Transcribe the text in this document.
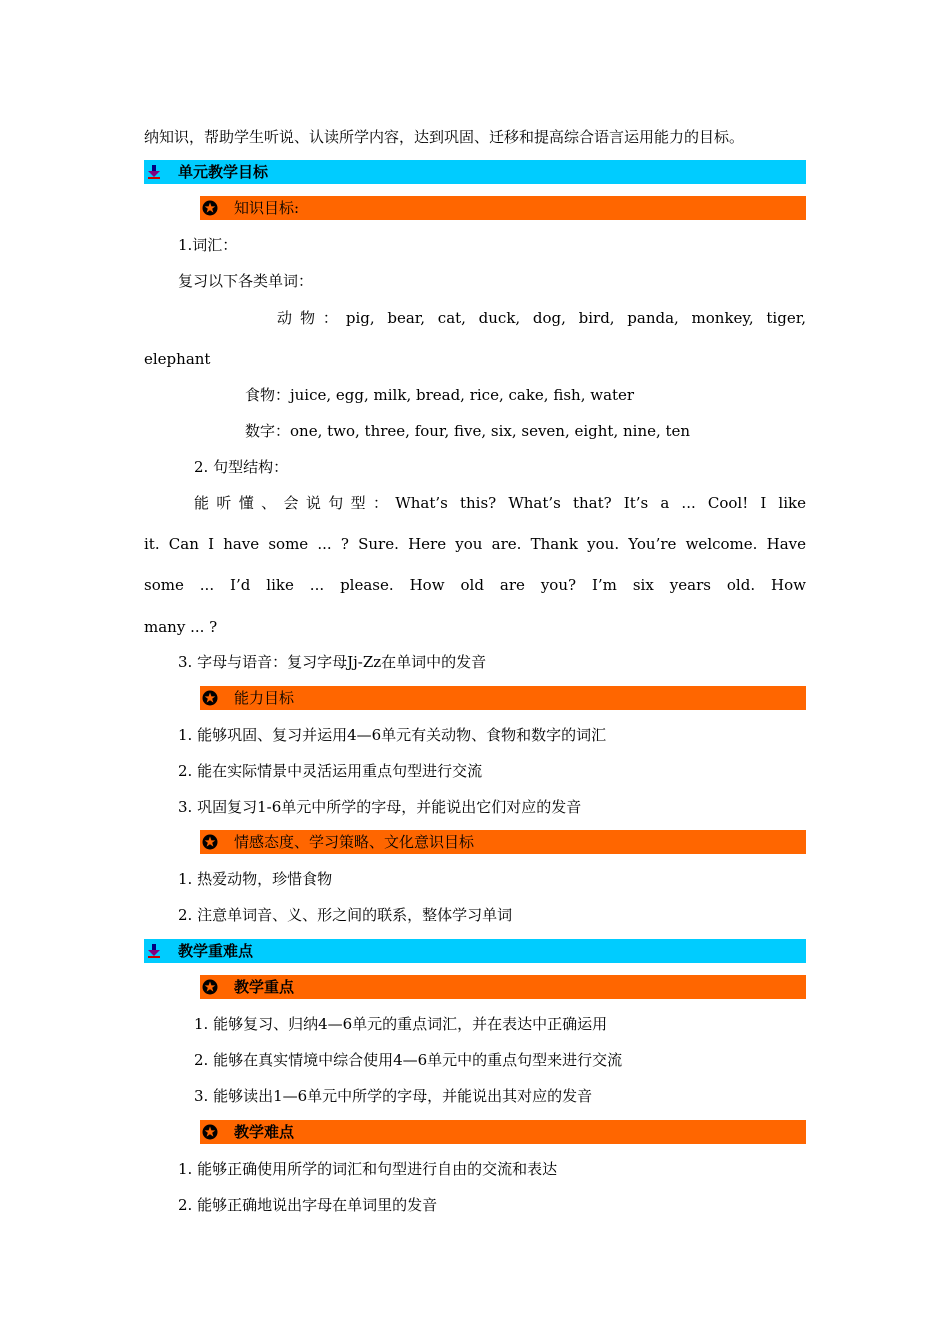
纳知识，帮助学生听说、认读所学内容，达到巩固、迁移和提高综合语言运用能力的目标。
单元教学目标
知识目标:
1.词汇：
复习以下各类单词：
动物：pig, bear, cat, duck, dog, bird, panda, monkey, tiger,
elephant
食物：juice, egg, milk, bread, rice, cake, fish, water
数字：one, two, three, four, five, six, seven, eight, nine, ten
2. 句型结构：
能听懂、会说句型：What’s this? What’s that? It’s a ... Cool! I like
it. Can I have some ... ? Sure. Here you are. Thank you. You’re welcome. Have
some ... I’d like ... please. How old are you? I’m six years old. How
many ... ?
3. 字母与语音：复习字母Jj-Zz在单词中的发音
能力目标
1. 能够巩固、复习并运用4—6单元有关动物、食物和数字的词汇
2. 能在实际情景中灵活运用重点句型进行交流
3. 巩固复习1-6单元中所学的字母，并能说出它们对应的发音
情感态度、学习策略、文化意识目标
1. 热爱动物，珍惜食物
2. 注意单词音、义、形之间的联系，整体学习单词
教学重难点
教学重点
1. 能够复习、归纳4—6单元的重点词汇，并在表达中正确运用
2. 能够在真实情境中综合使用4—6单元中的重点句型来进行交流
3. 能够读出1—6单元中所学的字母，并能说出其对应的发音
教学难点
1. 能够正确使用所学的词汇和句型进行自由的交流和表达
2. 能够正确地说出字母在单词里的发音
